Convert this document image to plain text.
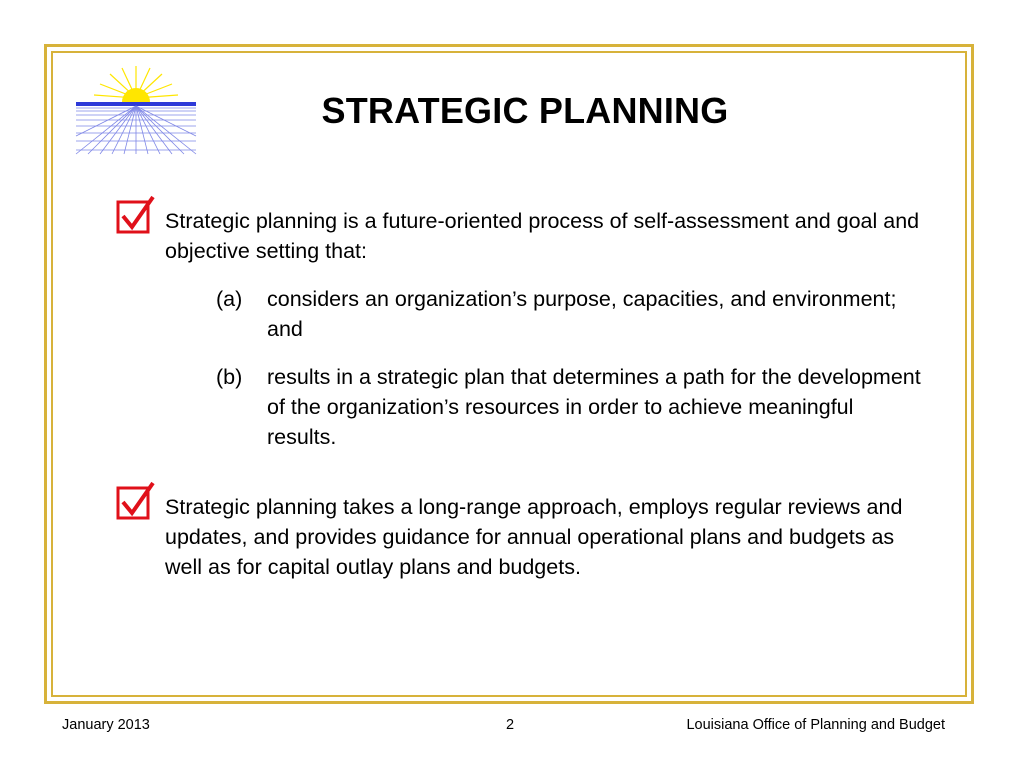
STRATEGIC PLANNING

Strategic planning is a future-oriented process of self-assessment and goal and objective setting that:

(a) considers an organization’s purpose, capacities, and environment; and
(b) results in a strategic plan that determines a path for the development of the organization’s resources in order to achieve meaningful results.

Strategic planning takes a long-range approach, employs regular reviews and updates, and provides guidance for annual operational plans and budgets as well as for capital outlay plans and budgets.

January 2013	2	Louisiana Office of Planning and Budget
